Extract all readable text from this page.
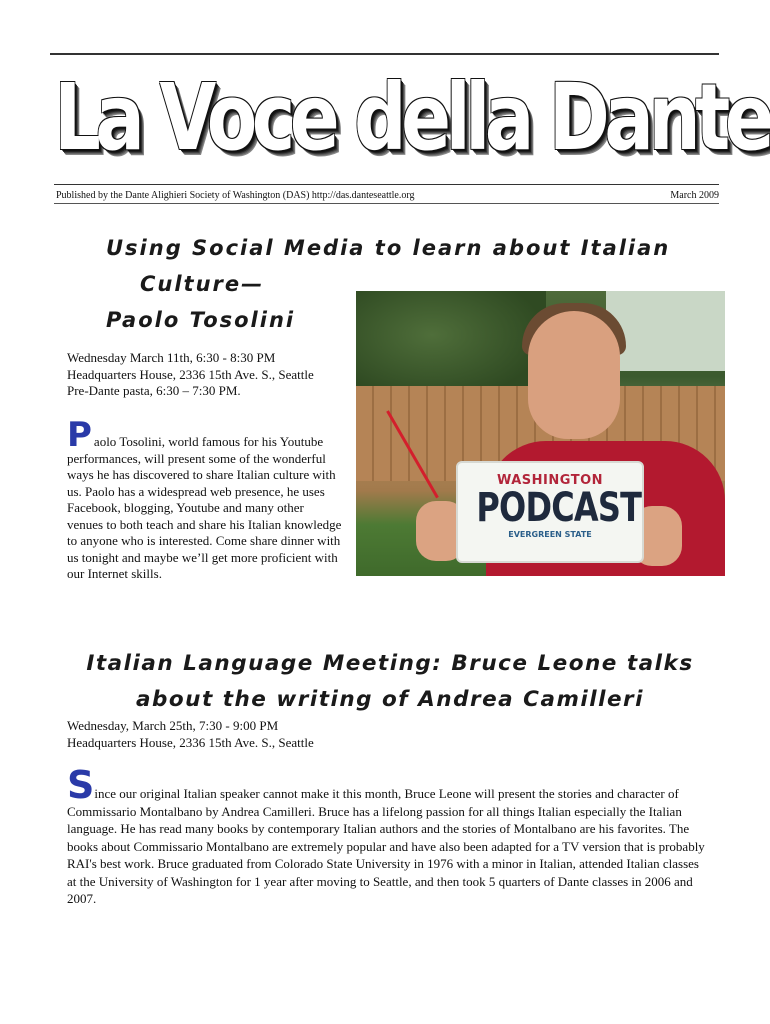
La Voce della Dante
Published by the Dante Alighieri Society of Washington (DAS) http://das.danteseattle.org	March 2009
Using Social Media to learn about Italian
Culture—
Paolo Tosolini
WASHINGTON
PODCAST
EVERGREEN STATE
Wednesday March 11th, 6:30 - 8:30 PM
Headquarters House, 2336 15th Ave. S., Seattle
Pre-Dante pasta, 6:30 – 7:30 PM.
P aolo Tosolini, world famous for his Youtube performances, will present some of the wonderful ways he has discovered to share Italian culture with us. Paolo has a widespread web presence, he uses Facebook, blogging, Youtube and many other venues to both teach and share his Italian knowledge to anyone who is interested. Come share dinner with us tonight and maybe we’ll get more proficient with our Internet skills.
Italian Language Meeting: Bruce Leone talks
about the writing of Andrea Camilleri
Wednesday, March 25th, 7:30 - 9:00 PM
Headquarters House, 2336 15th Ave. S., Seattle
Since our original Italian speaker cannot make it this month, Bruce Leone will present the stories and character of Commissario Montalbano by Andrea Camilleri. Bruce has a lifelong passion for all things Italian especially the Italian language. He has read many books by contemporary Italian authors and the stories of Montalbano are his favorites. The books about Commissario Montalbano are extremely popular and have also been adapted for a TV version that is probably RAI's best work. Bruce graduated from Colorado State University in 1976 with a minor in Italian, attended Italian classes at the University of Washington for 1 year after moving to Seattle, and then took 5 quarters of Dante classes in 2006 and 2007.
